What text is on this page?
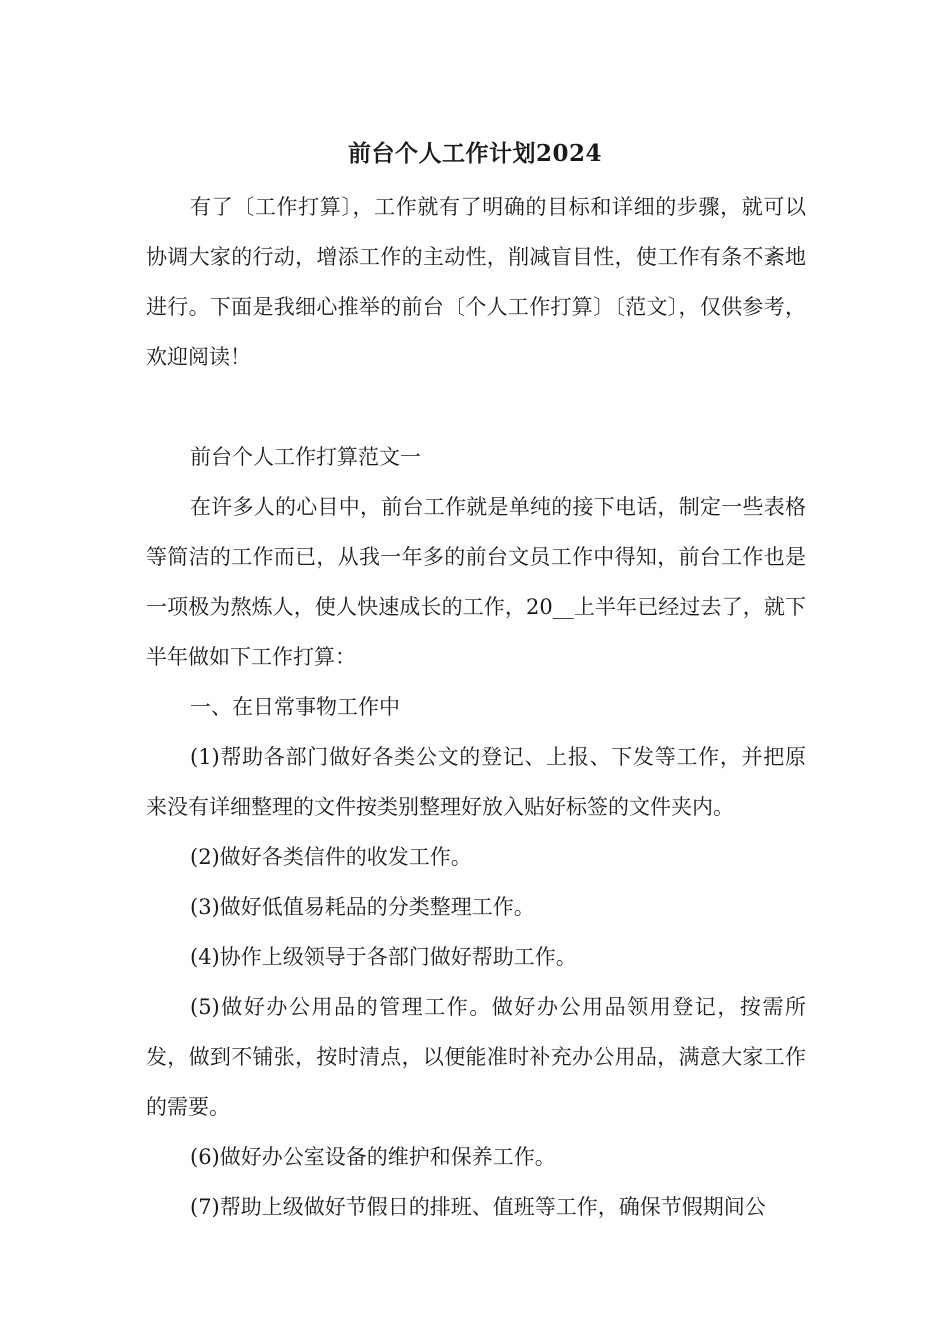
前台个人工作计划2024

有了〔工作打算〕，工作就有了明确的目标和详细的步骤，就可以协调大家的行动，增添工作的主动性，削减盲目性，使工作有条不紊地进行。下面是我细心推举的前台〔个人工作打算〕〔范文〕，仅供参考，欢迎阅读！

前台个人工作打算范文一

在许多人的心目中，前台工作就是单纯的接下电话，制定一些表格等简洁的工作而已，从我一年多的前台文员工作中得知，前台工作也是一项极为熬炼人，使人快速成长的工作，20__上半年已经过去了，就下半年做如下工作打算：

一、在日常事物工作中

(1)帮助各部门做好各类公文的登记、上报、下发等工作，并把原来没有详细整理的文件按类别整理好放入贴好标签的文件夹内。

(2)做好各类信件的收发工作。

(3)做好低值易耗品的分类整理工作。

(4)协作上级领导于各部门做好帮助工作。

(5)做好办公用品的管理工作。做好办公用品领用登记，按需所发，做到不铺张，按时清点，以便能准时补充办公用品，满意大家工作的需要。

(6)做好办公室设备的维护和保养工作。

(7)帮助上级做好节假日的排班、值班等工作，确保节假期间公
